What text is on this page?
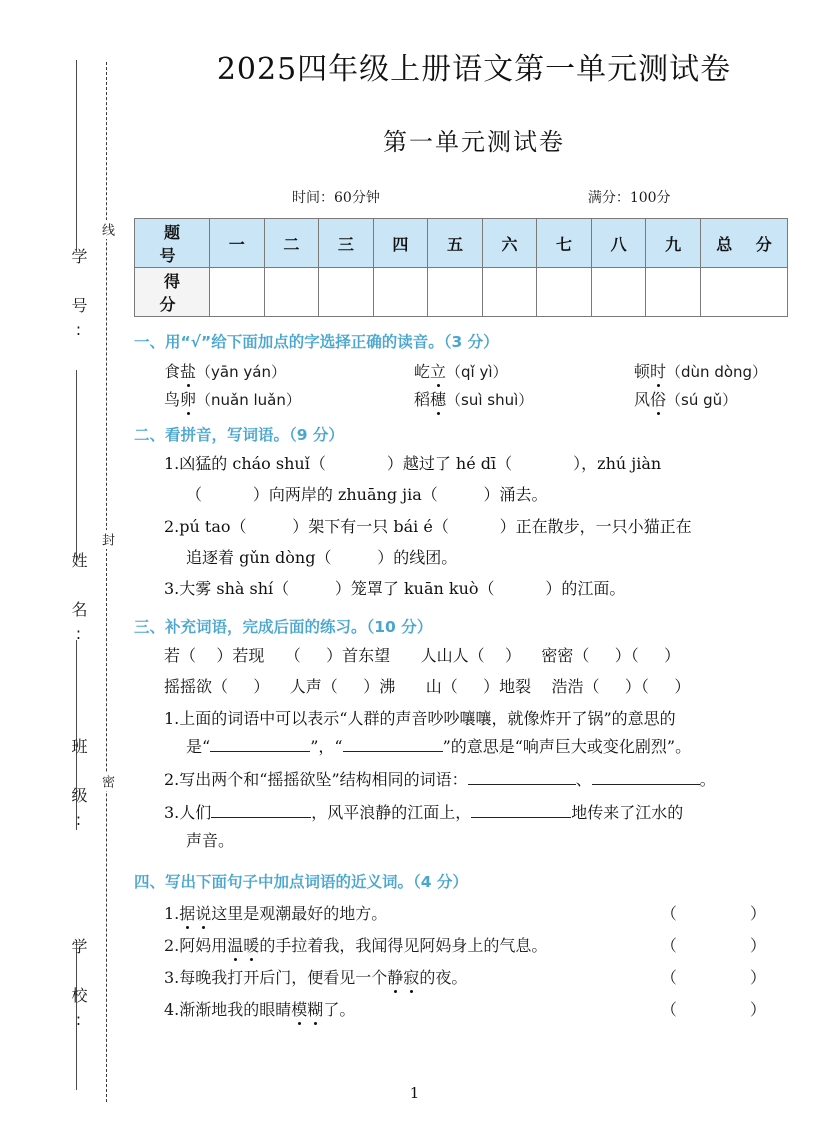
学 号:
姓 名:
班 级:
学 校:
线
封
密
2025四年级上册语文第一单元测试卷
第一单元测试卷
时间：60分钟	满分：100分
题 号	一	二	三	四	五	六	七	八	九	总 分
得 分										
一、用“√”给下面加点的字选择正确的读音。（3 分）
食盐（yān yán）	屹立（qǐ yì）	顿时（dùn dòng）
鸟卵（nuǎn luǎn）	稻穗（suì shuì）	风俗（sú gǔ）
二、看拼音，写词语。（9 分）
1.凶猛的 cháo shuǐ（            ）越过了 hé dī（            ），zhú jiàn
（          ）向两岸的 zhuāng jia（         ）涌去。
2.pú tao（         ）架下有一只 bái é（          ）正在散步，一只小猫正在
追逐着 gǔn dòng（         ）的线团。
3.大雾 shà shí（         ）笼罩了 kuān kuò（          ）的江面。
三、补充词语，完成后面的练习。（10 分）
若（    ）若现    （     ）首东望      人山人（    ）    密密（     ）（     ）
摇摇欲（     ）    人声（     ）沸      山（     ）地裂    浩浩（     ）（     ）
1.上面的词语中可以表示“人群的声音吵吵嚷嚷，就像炸开了锅”的意思的
是“	”，“	”的意思是“响声巨大或变化剧烈”。
2.写出两个和“摇摇欲坠”结构相同的词语：	、	。
3.人们	，风平浪静的江面上，	地传来了江水的
声音。
四、写出下面句子中加点词语的近义词。（4 分）
1.据说这里是观潮最好的地方。	（ ）
2.阿妈用温暖的手拉着我，我闻得见阿妈身上的气息。	（ ）
3.每晚我打开后门，便看见一个静寂的夜。	（ ）
4.渐渐地我的眼睛模糊了。	（ ）
1
